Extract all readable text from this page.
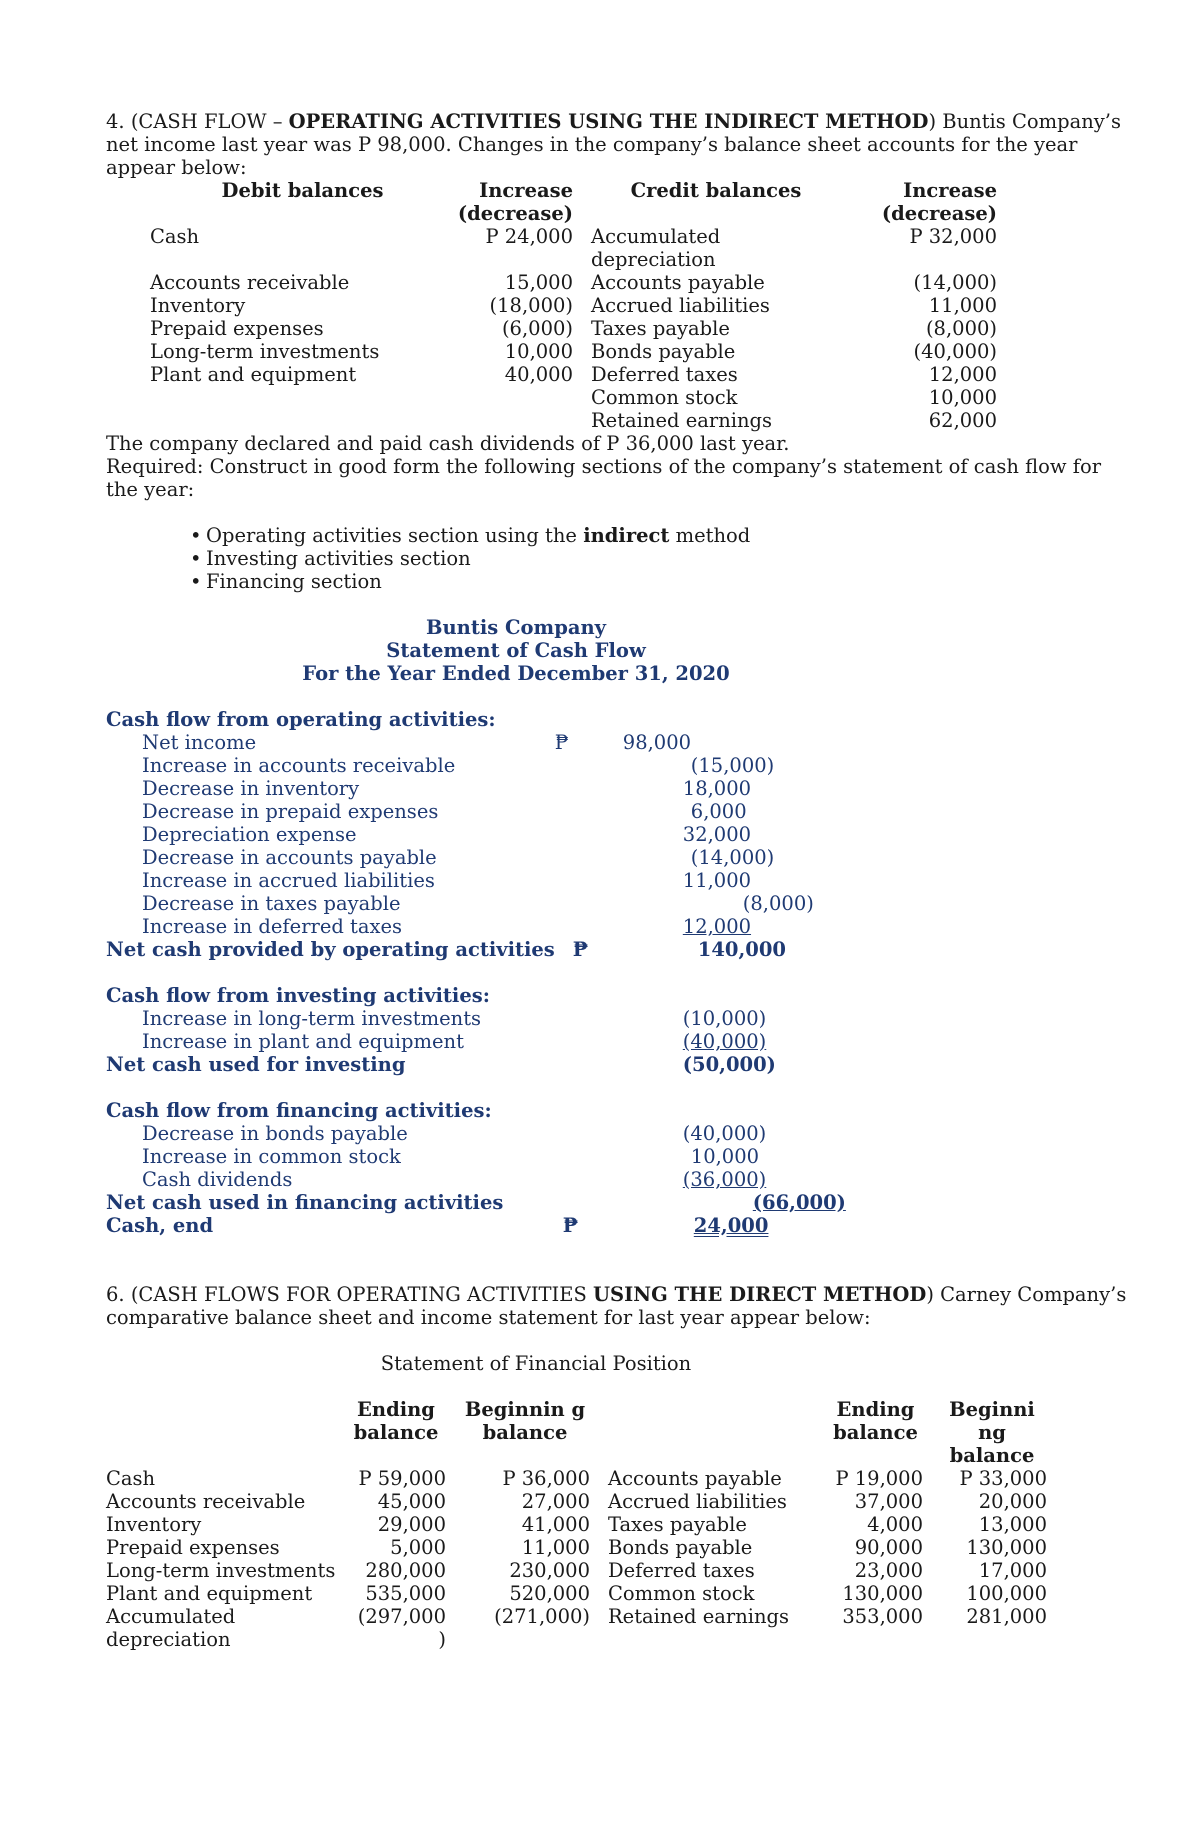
4. (CASH FLOW – OPERATING ACTIVITIES USING THE INDIRECT METHOD) Buntis Company’s net income last year was P 98,000. Changes in the company’s balance sheet accounts for the year appear below:

Debit balances	Increase (decrease)	Credit balances	Increase (decrease)
Cash	P 24,000	Accumulated depreciation	P 32,000
Accounts receivable	15,000	Accounts payable	(14,000)
Inventory	(18,000)	Accrued liabilities	11,000
Prepaid expenses	(6,000)	Taxes payable	(8,000)
Long-term investments	10,000	Bonds payable	(40,000)
Plant and equipment	40,000	Deferred taxes	12,000
		Common stock	10,000
		Retained earnings	62,000

The company declared and paid cash dividends of P 36,000 last year.

Required: Construct in good form the following sections of the company’s statement of cash flow for the year:

• Operating activities section using the indirect method
• Investing activities section
• Financing section
Buntis Company
Statement of Cash Flow
For the Year Ended December 31, 2020
Cash flow from operating activities:			
Net income	₱	98,000	
Increase in accounts receivable		(15,000)	
Decrease in inventory		18,000	
Decrease in prepaid expenses		6,000	
Depreciation expense		32,000	
Decrease in accounts payable		(14,000)	
Increase in accrued liabilities		11,000	
Decrease in taxes payable		(8,000)	
Increase in deferred taxes		12,000	
Net cash provided by operating activities	₱	140,000	

Cash flow from investing activities:			
Increase in long-term investments		(10,000)	
Increase in plant and equipment		(40,000)	
Net cash used for investing		(50,000)	

Cash flow from financing activities:			
Decrease in bonds payable		(40,000)	
Increase in common stock		10,000	
Cash dividends		(36,000)	
Net cash used in financing activities		(66,000)	
Cash, end	₱	24,000	

6. (CASH FLOWS FOR OPERATING ACTIVITIES USING THE DIRECT METHOD) Carney Company’s comparative balance sheet and income statement for last year appear below:

Statement of Financial Position
	Ending balance	Beginnin g balance		Ending balance	Beginni ng balance
Cash	P 59,000	P 36,000	Accounts payable	P 19,000	P 33,000
Accounts receivable	45,000	27,000	Accrued liabilities	37,000	20,000
Inventory	29,000	41,000	Taxes payable	4,000	13,000
Prepaid expenses	5,000	11,000	Bonds payable	90,000	130,000
Long-term investments	280,000	230,000	Deferred taxes	23,000	17,000
Plant and equipment	535,000	520,000	Common stock	130,000	100,000
Accumulated depreciation	(297,000 )	(271,000)	Retained earnings	353,000	281,000
